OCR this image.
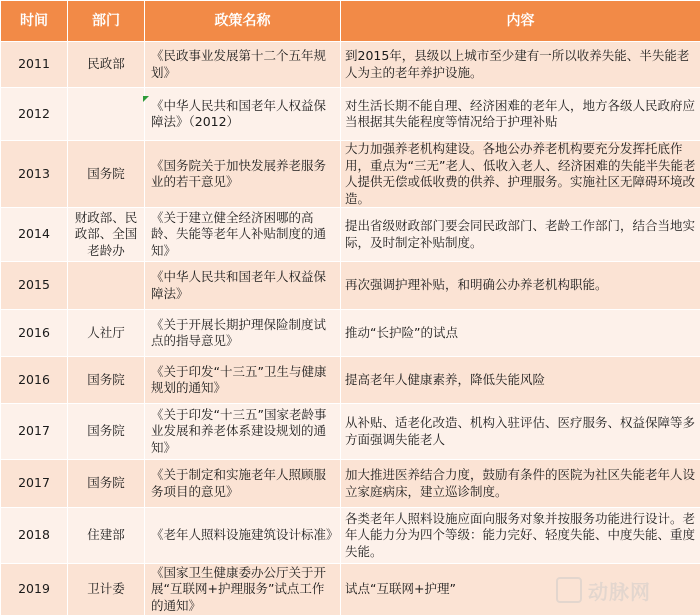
时间	部门	政策名称	内容
2011	民政部	《民政事业发展第十二个五年规划》	到2015年，县级以上城市至少建有一所以收养失能、半失能老人为主的老年养护设施。
2012		《中华人民共和国老年人权益保障法》（2012）	对生活长期不能自理、经济困难的老年人，地方各级人民政府应当根据其失能程度等情况给于护理补贴
2013	国务院	《国务院关于加快发展养老服务业的若干意见》	大力加强养老机构建设。各地公办养老机构要充分发挥托底作用，重点为“三无”老人、低收入老人、经济困难的失能半失能老人提供无偿或低收费的供养、护理服务。实施社区无障碍环境改造。
2014	财政部、民政部、全国老龄办	《关于建立健全经济困哪的高龄、失能等老年人补贴制度的通知》	提出省级财政部门要会同民政部门、老龄工作部门，结合当地实际，及时制定补贴制度。
2015		《中华人民共和国老年人权益保障法》	再次强调护理补贴，和明确公办养老机构职能。
2016	人社厅	《关于开展长期护理保险制度试点的指导意见》	推动“长护险”的试点
2016	国务院	《关于印发“十三五”卫生与健康规划的通知》	提高老年人健康素养，降低失能风险
2017	国务院	《关于印发“十三五”国家老龄事业发展和养老体系建设规划的通知》	从补贴、适老化改造、机构入驻评估、医疗服务、权益保障等多方面强调失能老人
2017	国务院	《关于制定和实施老年人照顾服务项目的意见》	加大推进医养结合力度，鼓励有条件的医院为社区失能老年人设立家庭病床，建立巡诊制度。
2018	住建部	《老年人照料设施建筑设计标准》	各类老年人照料设施应面向服务对象并按服务功能进行设计。老年人能力分为四个等级：能力完好、轻度失能、中度失能、重度失能。
2019	卫计委	《国家卫生健康委办公厅关于开展“互联网+护理服务”试点工作的通知》	试点“互联网+护理”	动脉网
